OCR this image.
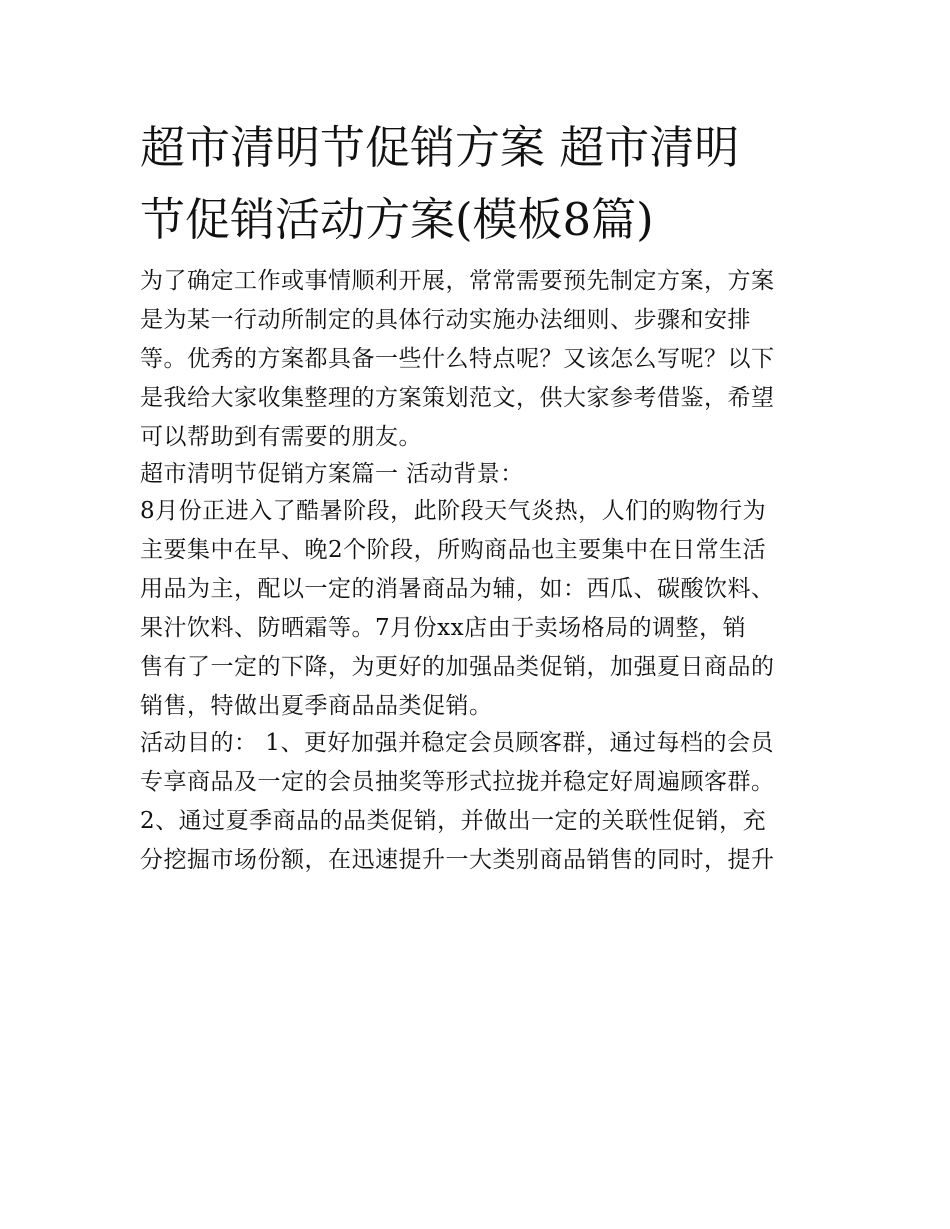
超市清明节促销方案 超市清明
节促销活动方案(模板8篇)

为了确定工作或事情顺利开展，常常需要预先制定方案，方案
是为某一行动所制定的具体行动实施办法细则、步骤和安排
等。优秀的方案都具备一些什么特点呢？又该怎么写呢？以下
是我给大家收集整理的方案策划范文，供大家参考借鉴，希望
可以帮助到有需要的朋友。

超市清明节促销方案篇一 活动背景：

8月份正进入了酷暑阶段，此阶段天气炎热，人们的购物行为
主要集中在早、晚2个阶段，所购商品也主要集中在日常生活
用品为主，配以一定的消暑商品为辅，如：西瓜、碳酸饮料、
果汁饮料、防晒霜等。7月份xx店由于卖场格局的调整，销
售有了一定的下降，为更好的加强品类促销，加强夏日商品的
销售，特做出夏季商品品类促销。

活动目的： 1、更好加强并稳定会员顾客群，通过每档的会员
专享商品及一定的会员抽奖等形式拉拢并稳定好周遍顾客群。
2、通过夏季商品的品类促销，并做出一定的关联性促销，充
分挖掘市场份额，在迅速提升一大类别商品销售的同时，提升
